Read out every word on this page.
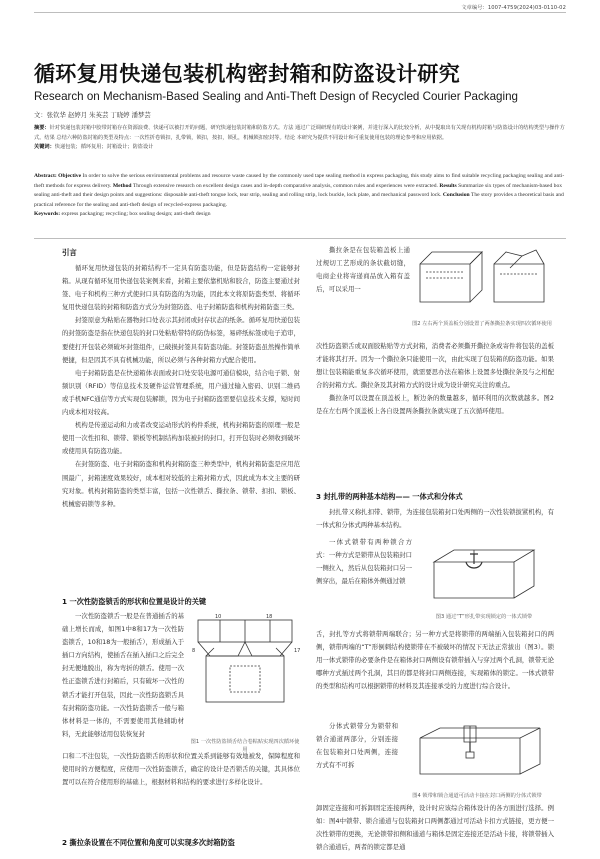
文章编号：1007-4759(2024)03-0110-02
循环复用快递包装机构密封箱和防盗设计研究
Research on Mechanism-Based Sealing and Anti-Theft Design of Recycled Courier Packaging
文：张钦华 赵婷月 朱英芸 丁晓婷 潘梦芸
摘要：针对快递包装封箱中胶带封箱存在资源浪费、快递可以被打开的问题，研究快递包装封箱和防盗方式。方法 通过广泛调研现有的设计案例，并进行深入的比较分析，从中提取出有关现有机构封箱与防盗设计的结构类型与操作方式。结果 总结六种防盗封箱的类型及特点：一次性折卷锁扣，扎带锁，锁扣，按扣，锁孔，机械锁扣密封等。结论 本研究为提供不同设计和可重复使用包装的理论参考和应用依据。
关键词：快递包装；循环复用；封箱设计；防盗设计
Abstract: Objective In order to solve the serious environmental problems and resource waste caused by the commonly used tape sealing method in express packaging, this study aims to find suitable recycling packaging sealing and anti-theft methods for express delivery. Method Through extensive research on excellent design cases and in-depth comparative analysis, common rules and experiences were extracted. Results Summarize six types of mechanism-based box sealing anti-theft and their design points and suggestions: disposable anti-theft tongue lock, tear strip, sealing and rolling strip, lock buckle, lock plate, and mechanical password lock. Conclusion The story provides a theoretical basis and practical reference for the sealing and anti-theft design of recycled-express packaging.
Keywords: express packaging; recycling; box sealing design; anti-theft design
引言

循环复用快递包装的封箱结构不一定具有防盗功能，但是防盗结构一定能够封箱。从现有循环复用快递包装案例来看，封箱主要依靠机贴和胶合，防盗主要通过封签、电子和机构三种方式使封口具有防盗的为功能，因此本文将原防盗类型、将循环复用快递包装的封箱和防盗方式分为封签防盗、电子封箱防盗和机构封箱防盗三类。

封签原意为粘贴在器物封口处表示其封闭或封存状态的纸条。循环复用快递包装的封签防盗是指在快递包装的封口处粘贴带特的防伪标签，易碎纸标签或电子追审，要使打开包装必须破坏封签组件，已破损封签具有防盗功能。封签防盗虽然操作简单便捷，但是因其不具有机械功能，所以必须与各种封箱方式配合使用。

电子封箱防盗是在快递箱体表面或封口处安装电源可通信模块，结合电子锁、射频识别（RFID）等信息技术及硬件运营管理系统，用户通过输入密码、识别二维码或手机NFC通信等方式实现包装解锁，因为电子封箱防盗需要信息技术支撑，短时间内成本相对较高。

机构是传递运动和力或者改变运动形式的构件系统，机构封箱防盗的原理一般是使用一次性扣和、锁带、锁板等机制结构加装被封的封口，打开包装时必须收到破坏或使用具有防盗功能。

在封签防盗、电子封箱防盗和机构封箱防盗三种类型中，机构封箱防盗是应用范围最广，封箱速度效果较好，成本相对较低的主箱封箱方式，因此成为本文主要的研究对象。机构封箱防盗的类型丰富，包括一次性锁舌、撕拉条、锁带、扣扣、锁板、机械密码锁等多种。

1 一次性防盗锁舌的形状和位置是设计的关键

一次性防盗锁舌一般是在普通插舌的基础上增长而成，如图1中8和17为一次性防盗锁舌，10和18为一般插舌），形成插入于插口方向结构，使插舌在插入插口之后完全封无便地脱出，称为弯折的锁舌。使用一次性正盗锁舌进行封箱后，只有破坏一次性的锁舌才能打开包装，因此一次性防盗锁舌具有封箱防盗功能。一次性防盗锁舌一般与箱体材料是一体的，不需要使用其他辅助材料，无此能够适用包装恢复封

8	17
10	18
图1 一次性防盗锁舌结合卷粘贴实现四次循环使用

口和二不注包装，一次性防盗锁舌的形状和位置关系到能够有效地被发，保障程度和使用时的方便程度，应使用一次性防盗锁舌，确定的设计是否锁舌的关键，其具体位置可以在符合使用形的基础上，根据材料和结构的要求进行多样化设计。

2 撕拉条设置在不同位置和角度可以实现多次封箱防盗

撕拉条是在包装箱盖板上通过规切工艺形成的条状截切缝，电商企业将寄递商品放入箱有盖后，可以采用一

图2 左右两个顶盖板分别设置了两条撕拉条实现四次循环使用

次性防盗锁舌或双面胶粘贴等方式封箱，消费者必须撕开撕拉条或寄件将包装的盖板才能将其打开。因为一个撕拉条只能使用一次，由此实现了包装箱的防盗功能。如果想让包装箱能重复多次循环使用，就需要思办法在箱体上设置多处撕拉条及与之相配合的封箱方式。撕拉条及其封箱方式的设计成为设计研究关注的重点。

撕拉条可以设置在顶盖板上，断边条的数量越多，循环利用的次数就越多。图2是在左右两个顶盖板上各自设置两条撕拉条就实现了五次循环使用。

3 封扎带的两种基本结构—— 一体式和分体式

封扎带又称扎扣带、锁带，为连接包装箱封口处两侧的一次性装锁拔紧机构，有一体式和分体式两种基本结构。

一体式锁带有两种锁合方式：一种方式是锁带从包装箱封口一侧拉入，然后从包装箱封口另一侧穿出，最后在箱体外侧通过锁

图3 通过“T”形扎带实现锁定的一体式锁带

舌，封扎等方式将锁带两端联合；另一种方式是将锁带的两端插入包装箱封口的两侧，锁带两端的“T”形倒刺结构使锁带在不被破坏的情况下无法正常拔出（图3）。锁用一体式锁带的必要条件是在箱体封口两侧设有锁带插入与穿过两个孔洞，锁带无论哪种方式插过两个孔洞，其目的都是将封口两侧连接，实现箱体的锁定。一体式锁带的类型和结构可以根据锁带的材料及其连接承受的力度进行综合设计。

分体式锁带分为锁带和锁合通道两部分，分别连接在包装箱封口处两侧，连接方式有不可拆

图4 锁带和锁合通道可活动卡接在封口两侧的分体式锁带

卸固定连接和可拆卸固定连接两种，设计时应该综合箱体设计的各方面进行选择。例如：图4中锁带、锁合通道与包装箱封口两侧都通过可活动卡扣方式链接，更方便一次性锁带的更换，无论锁带扣侧和通道与箱体是固定连接还是活动卡接，将锁带插入锁合通道后，两者的锁定都是通
